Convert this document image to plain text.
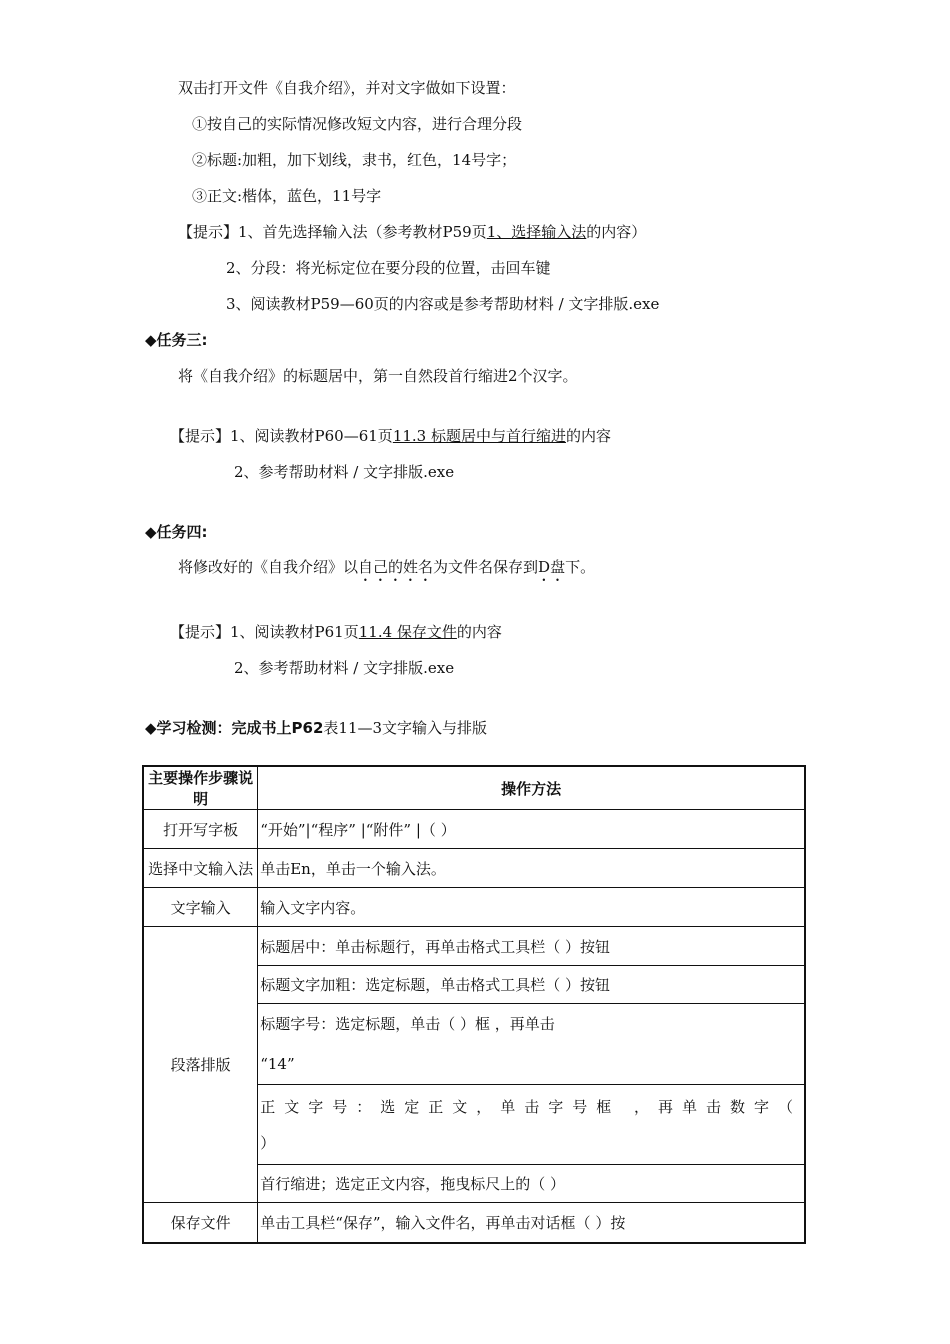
双击打开文件《自我介绍》，并对文字做如下设置：
①按自己的实际情况修改短文内容，进行合理分段
②标题:加粗，加下划线，隶书，红色，14号字；
③正文:楷体，蓝色，11号字
【提示】1、首先选择输入法（参考教材P59页1、选择输入法的内容）
2、分段：将光标定位在要分段的位置，击回车键
3、阅读教材P59—60页的内容或是参考帮助材料 / 文字排版.exe
◆任务三:
将《自我介绍》的标题居中，第一自然段首行缩进2个汉字。
【提示】1、阅读教材P60—61页11.3 标题居中与首行缩进的内容
2、参考帮助材料 / 文字排版.exe
◆任务四:
将修改好的《自我介绍》以自己的姓名为文件名保存到D盘下。
【提示】1、阅读教材P61页11.4 保存文件的内容
2、参考帮助材料 / 文字排版.exe
◆学习检测：完成书上P62表11—3文字输入与排版
主要操作步骤说明	操作方法
打开写字板	“开始”|“程序” |“附件” |（ ）
选择中文输入法	单击En，单击一个输入法。
文字输入	输入文字内容。
段落排版	标题居中：单击标题行，再单击格式工具栏（ ）按钮
	标题文字加粗：选定标题，单击格式工具栏（ ）按钮

	标题字号：选定标题，单击（ ）框 ，再单击
“14”

	正文字号：选定正文，单击字号框 ，再单击数字（
）

	首行缩进；选定正文内容，拖曳标尺上的（ ）
保存文件	单击工具栏“保存”，输入文件名，再单击对话框（ ）按
